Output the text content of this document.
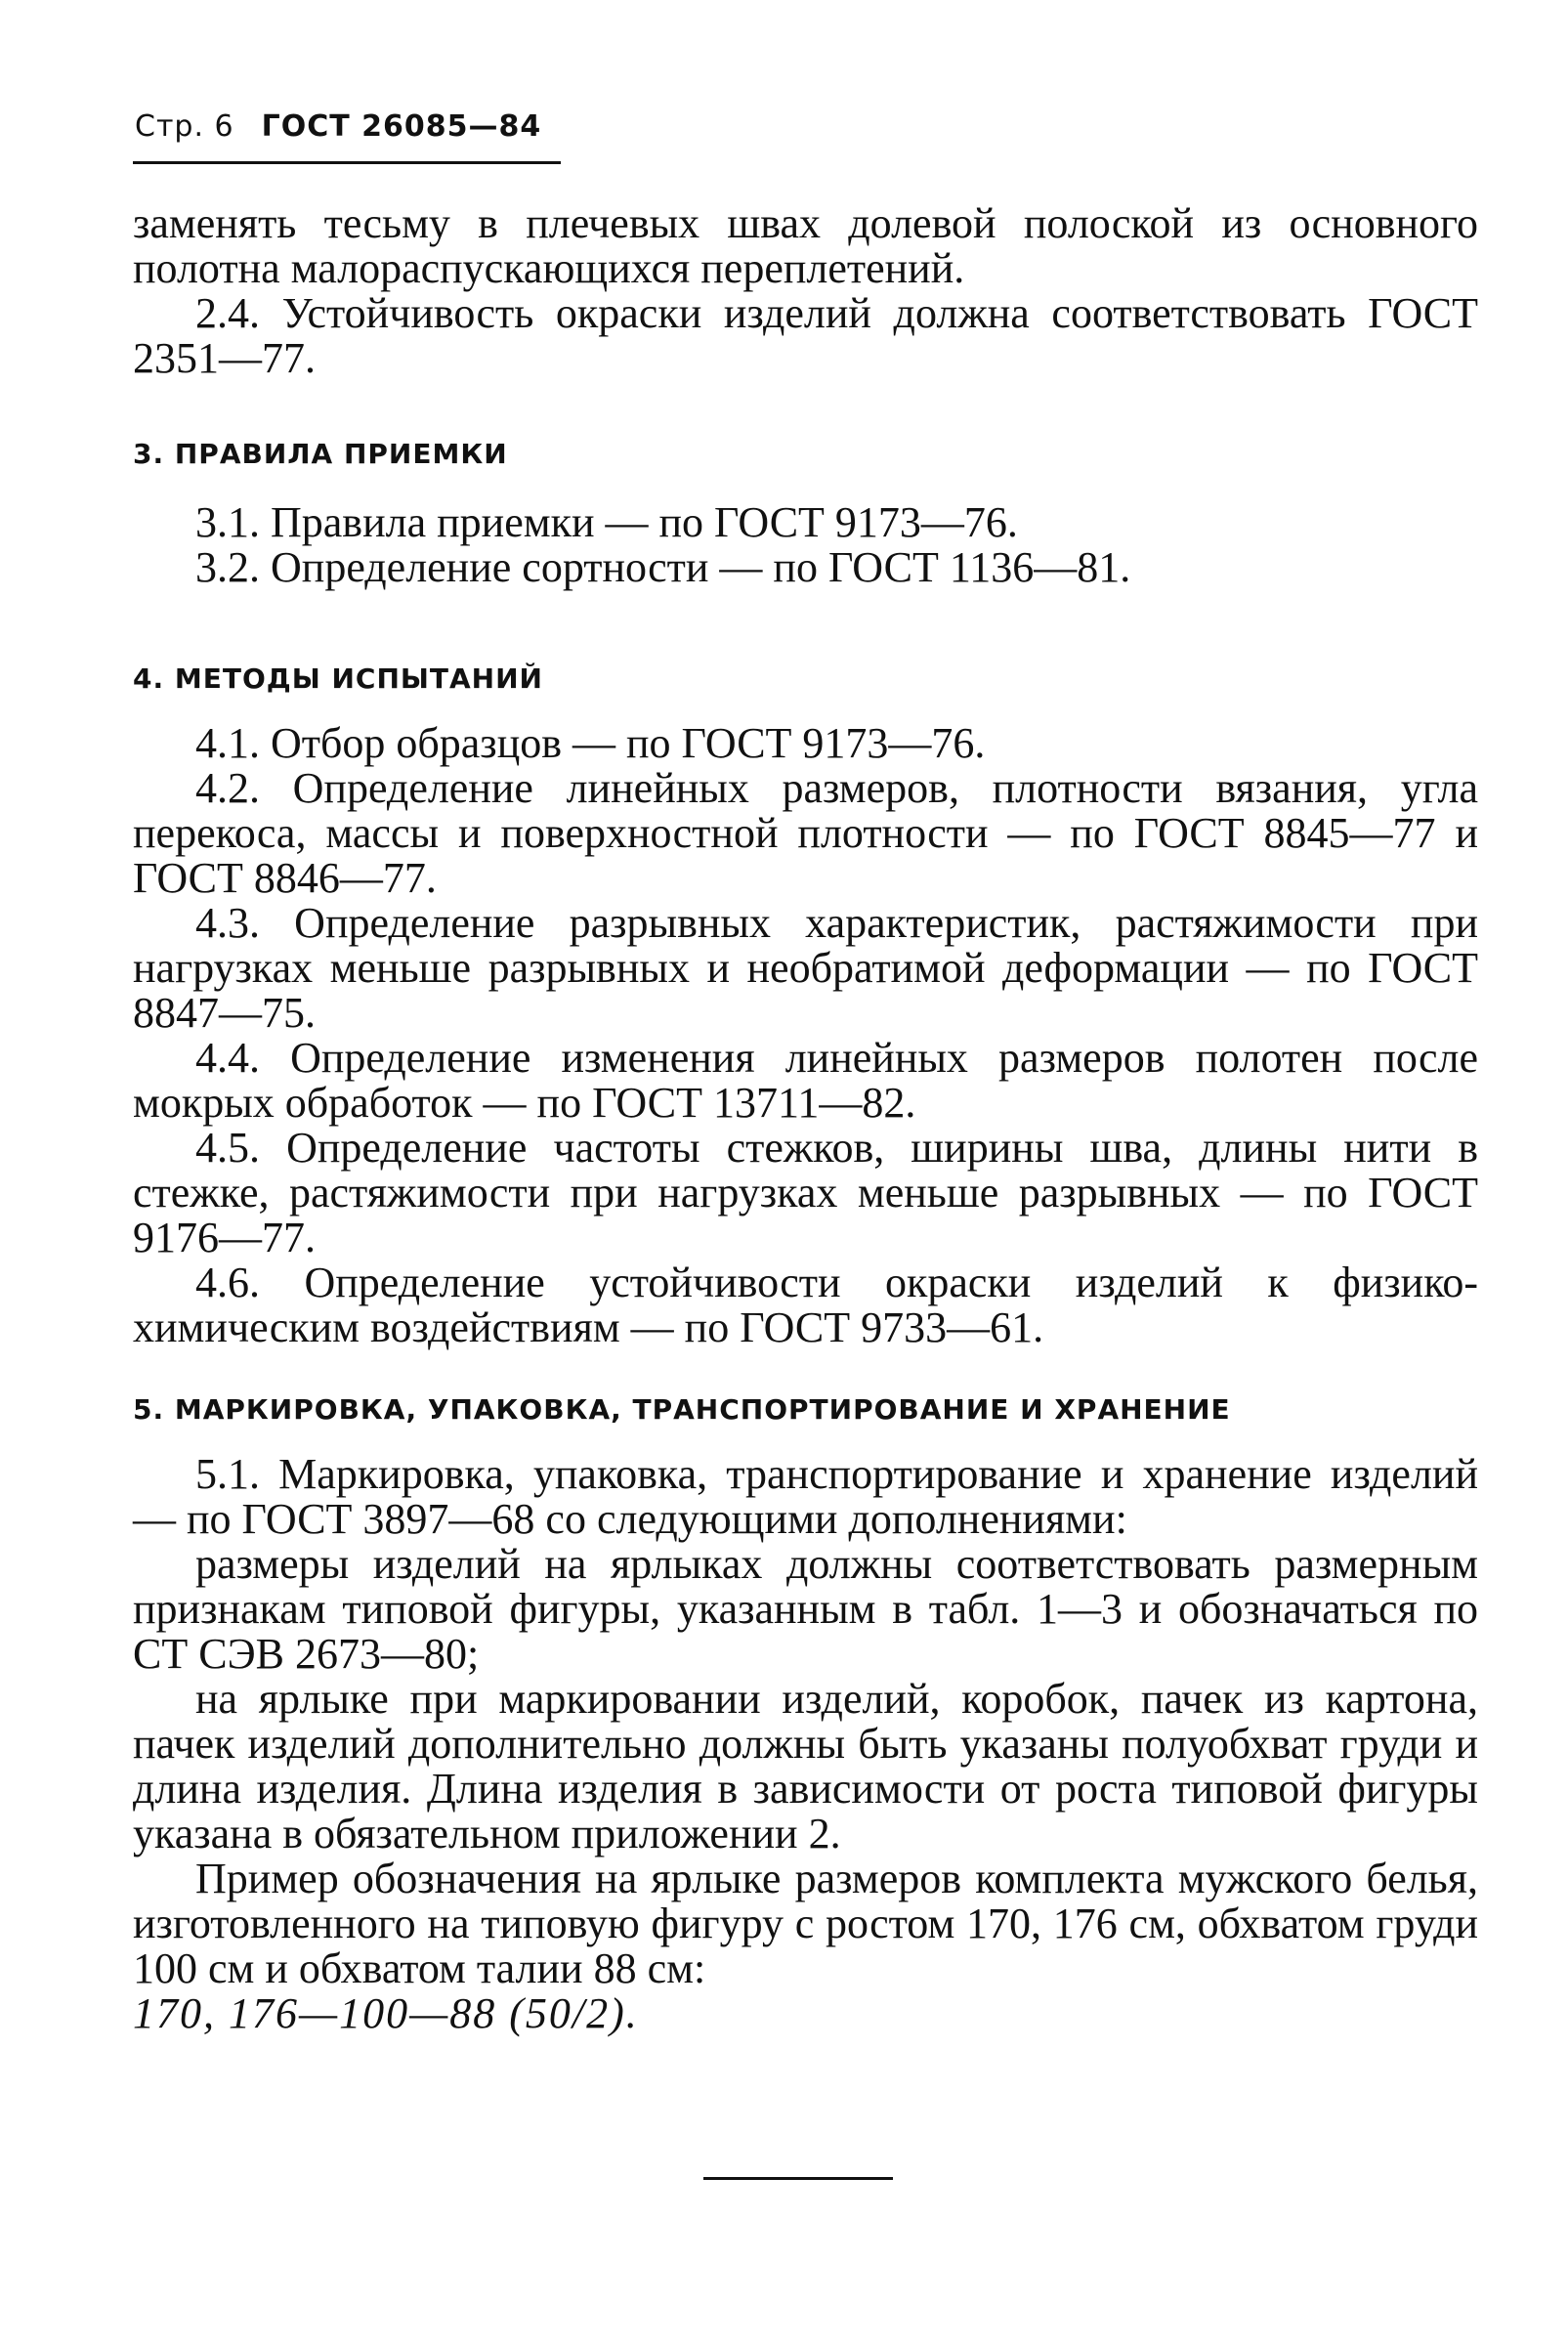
Стр. 6 ГОСТ 26085—84

заменять тесьму в плечевых швах долевой полоской из основного полотна малораспускающихся переплетений.

2.4. Устойчивость окраски изделий должна соответствовать ГОСТ 2351—77.

3. ПРАВИЛА ПРИЕМКИ

3.1. Правила приемки — по ГОСТ 9173—76.

3.2. Определение сортности — по ГОСТ 1136—81.

4. МЕТОДЫ ИСПЫТАНИЙ

4.1. Отбор образцов — по ГОСТ 9173—76.

4.2. Определение линейных размеров, плотности вязания, угла перекоса, массы и поверхностной плотности — по ГОСТ 8845—77 и ГОСТ 8846—77.

4.3. Определение разрывных характеристик, растяжимости при нагрузках меньше разрывных и необратимой деформации — по ГОСТ 8847—75.

4.4. Определение изменения линейных размеров полотен после мокрых обработок — по ГОСТ 13711—82.

4.5. Определение частоты стежков, ширины шва, длины нити в стежке, растяжимости при нагрузках меньше разрывных — по ГОСТ 9176—77.

4.6. Определение устойчивости окраски изделий к физико-химическим воздействиям — по ГОСТ 9733—61.

5. МАРКИРОВКА, УПАКОВКА, ТРАНСПОРТИРОВАНИЕ И ХРАНЕНИЕ

5.1. Маркировка, упаковка, транспортирование и хранение изделий — по ГОСТ 3897—68 со следующими дополнениями:

размеры изделий на ярлыках должны соответствовать размерным признакам типовой фигуры, указанным в табл. 1—3 и обозначаться по СТ СЭВ 2673—80;

на ярлыке при маркировании изделий, коробок, пачек из картона, пачек изделий дополнительно должны быть указаны полуобхват груди и длина изделия. Длина изделия в зависимости от роста типовой фигуры указана в обязательном приложении 2.

Пример обозначения на ярлыке размеров комплекта мужского белья, изготовленного на типовую фигуру с ростом 170, 176 см, обхватом груди 100 см и обхватом талии 88 см:

170, 176—100—88 (50/2).
